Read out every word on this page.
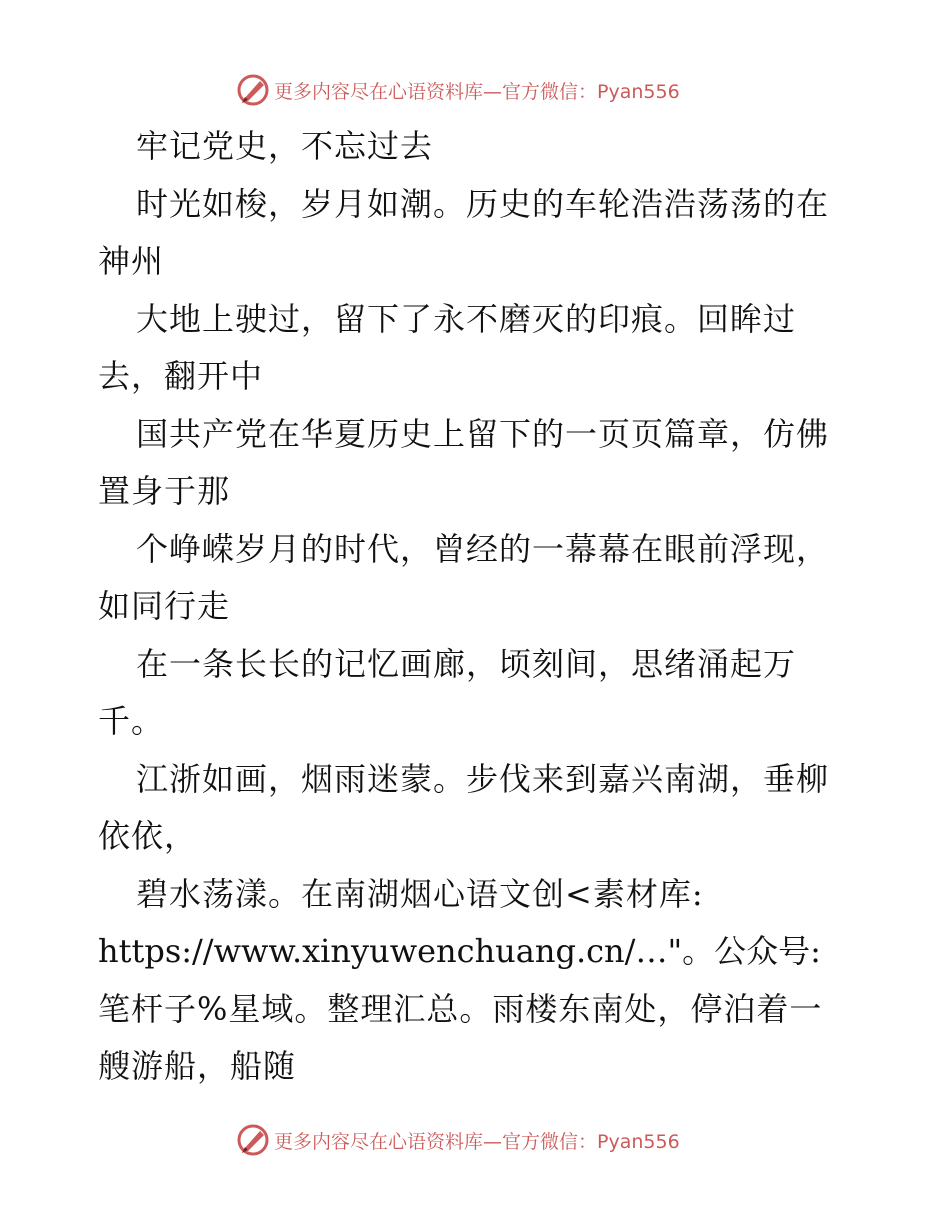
更多内容尽在心语资料库—官方微信：Pyan556
牢记党史，不忘过去
时光如梭，岁月如潮。历史的车轮浩浩荡荡的在
神州
大地上驶过，留下了永不磨灭的印痕。回眸过
去，翻开中
国共产党在华夏历史上留下的一页页篇章，仿佛
置身于那
个峥嵘岁月的时代，曾经的一幕幕在眼前浮现，
如同行走
在一条长长的记忆画廊，顷刻间，思绪涌起万
千。
江浙如画，烟雨迷蒙。步伐来到嘉兴南湖，垂柳
依依，
碧水荡漾。在南湖烟心语文创<素材库:
https://www.xinyuwenchuang.cn/…"。公众号:
笔杆子%星域。整理汇总。雨楼东南处，停泊着一
艘游船，船随
更多内容尽在心语资料库—官方微信：Pyan556
